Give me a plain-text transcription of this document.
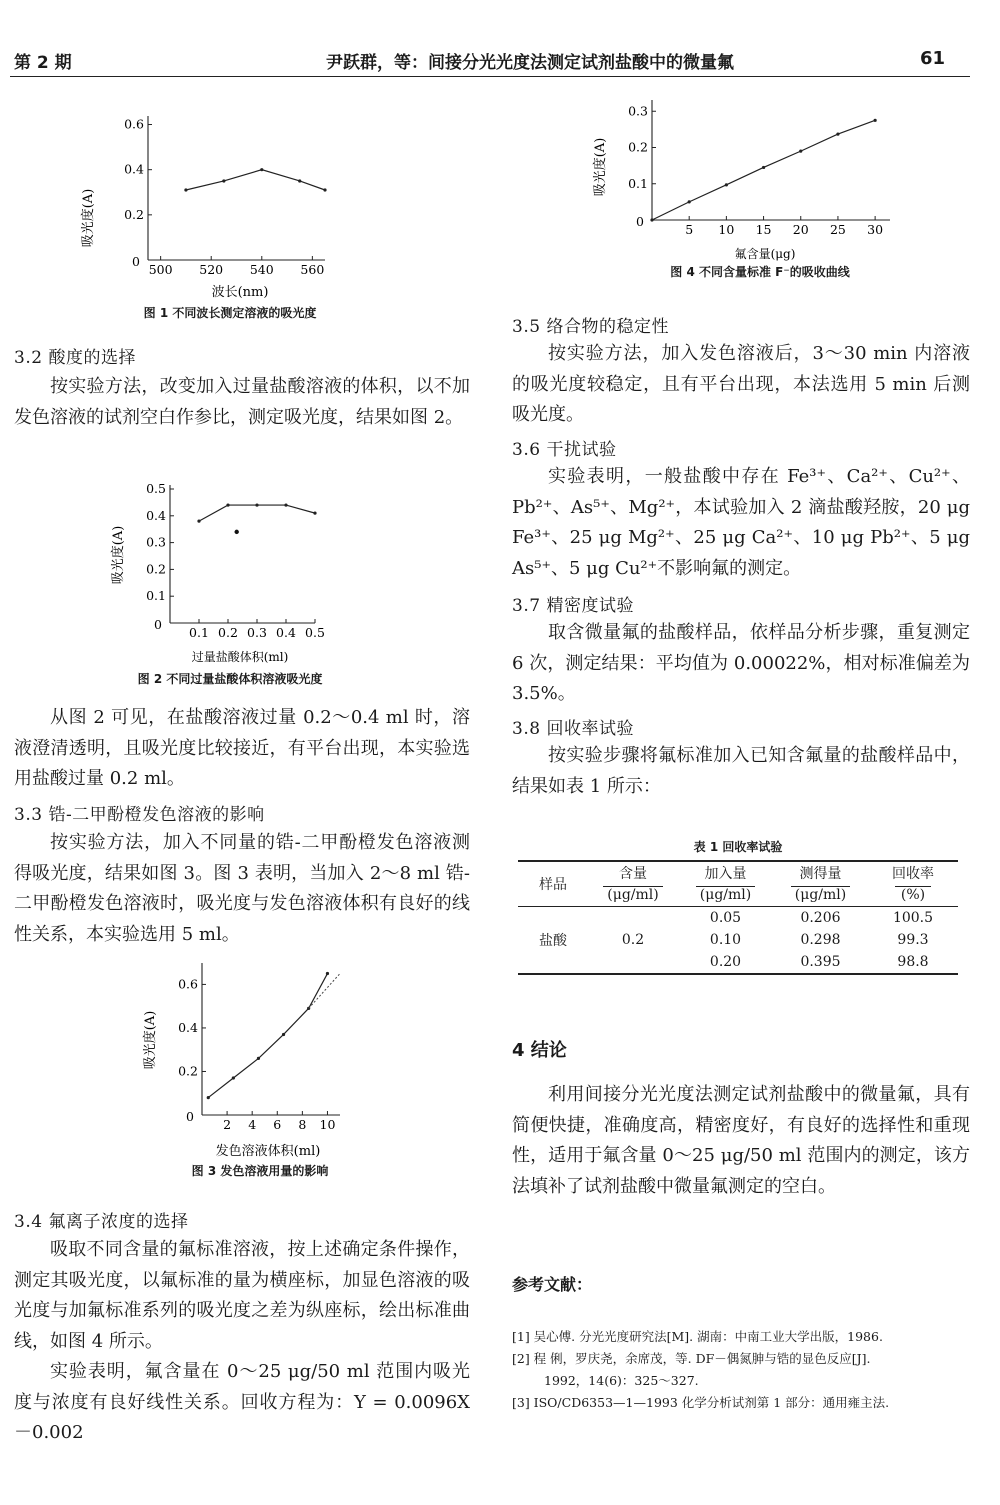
第 2 期	尹跃群，等：间接分光光度法测定试剂盐酸中的微量氟	61
吸光度(A) 0.2
0.4
0.6
500 520 540 560
0
波长(nm)
图 1 不同波长测定溶液的吸光度
吸光度(A) 0.1
0.2
0.3
5 10 15 20 25 30
0
氟含量(μg)
图 4 不同含量标准 F⁻的吸收曲线
3.2 酸度的选择

按实验方法，改变加入过量盐酸溶液的体积，以不加发色溶液的试剂空白作参比，测定吸光度，结果如图 2。

吸光度(A)
0.1
0.2
0.3
0.4
0.5
0.1 0.2 0.3 0.4 0.5
0
过量盐酸体积(ml)
图 2 不同过量盐酸体积溶液吸光度

从图 2 可见，在盐酸溶液过量 0.2～0.4 ml 时，溶液澄清透明，且吸光度比较接近，有平台出现，本实验选用盐酸过量 0.2 ml。

3.3 锆-二甲酚橙发色溶液的影响

按实验方法，加入不同量的锆-二甲酚橙发色溶液测得吸光度，结果如图 3。图 3 表明，当加入 2～8 ml 锆-二甲酚橙发色溶液时，吸光度与发色溶液体积有良好的线性关系，本实验选用 5 ml。

吸光度(A)
0.2
0.4
0.6
2 4 6 8 10
0
发色溶液体积(ml)
图 3 发色溶液用量的影响
3.4 氟离子浓度的选择

吸取不同含量的氟标准溶液，按上述确定条件操作，测定其吸光度，以氟标准的量为横座标，加显色溶液的吸光度与加氟标准系列的吸光度之差为纵座标，绘出标准曲线，如图 4 所示。

实验表明，氟含量在 0～25 μg/50 ml 范围内吸光度与浓度有良好线性关系。回收方程为：Y = 0.0096X－0.002

3.5 络合物的稳定性

按实验方法，加入发色溶液后，3～30 min 内溶液的吸光度较稳定，且有平台出现，本法选用 5 min 后测吸光度。

3.6 干扰试验

实验表明，一般盐酸中存在 Fe³⁺、Ca²⁺、Cu²⁺、Pb²⁺、As⁵⁺、Mg²⁺，本试验加入 2 滴盐酸羟胺，20 μg Fe³⁺、25 μg Mg²⁺、25 μg Ca²⁺、10 μg Pb²⁺、5 μg As⁵⁺、5 μg Cu²⁺不影响氟的测定。

3.7 精密度试验

取含微量氟的盐酸样品，依样品分析步骤，重复测定 6 次，测定结果：平均值为 0.00022%，相对标准偏差为 3.5%。

3.8 回收率试验

按实验步骤将氟标准加入已知含氟量的盐酸样品中，结果如表 1 所示：

表 1 回收率试验
样品	含量	加入量	测得量	回收率
	(μg/ml)	(μg/ml)	(μg/ml)	(%)
盐酸	0.2	0.05	0.206	100.5
		0.10	0.298	99.3
		0.20	0.395	98.8
4 结论

利用间接分光光度法测定试剂盐酸中的微量氟，具有简便快捷，准确度高，精密度好，有良好的选择性和重现性，适用于氟含量 0～25 μg/50 ml 范围内的测定，该方法填补了试剂盐酸中微量氟测定的空白。

参考文献：
[1] 吴心傅. 分光光度研究法[M]. 湖南：中南工业大学出版，1986.
[2] 程 俐，罗庆尧，余席茂，等. DF－偶氮胂与锆的显色反应[J].
1992，14(6)：325～327.
[3] ISO/CD6353—1—1993 化学分析试剂第 1 部分：通用雍主法.
